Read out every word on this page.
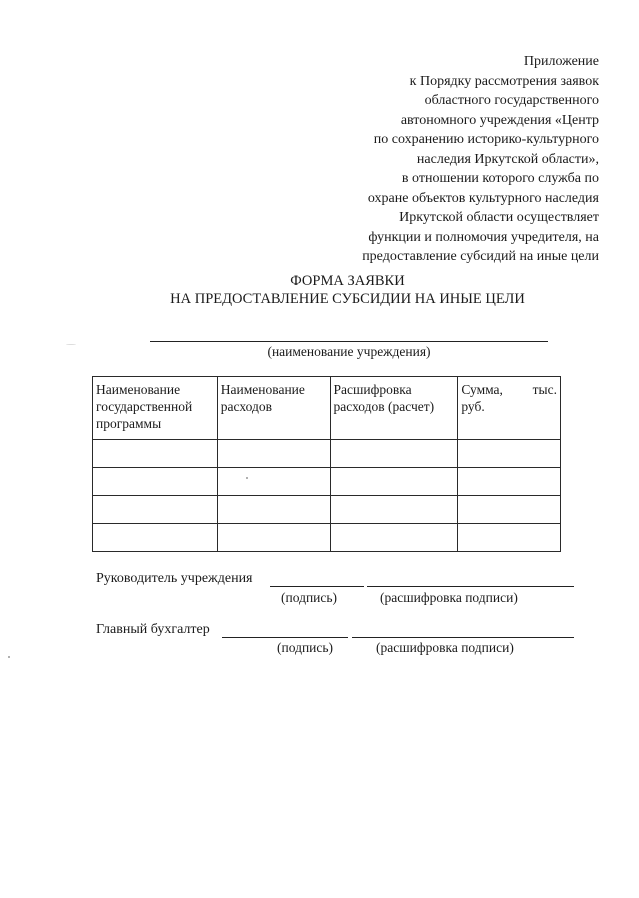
Приложение
к Порядку рассмотрения заявок
областного государственного
автономного учреждения «Центр
по сохранению историко-культурного
наследия Иркутской области»,
в отношении которого служба по
охране объектов культурного наследия
Иркутской области осуществляет
функции и полномочия учредителя, на
предоставление субсидий на иные цели
ФОРМА ЗАЯВКИ
НА ПРЕДОСТАВЛЕНИЕ СУБСИДИИ НА ИНЫЕ ЦЕЛИ
(наименование учреждения)
Наименование государственной программы	Наименование расходов	Расшифровка расходов (расчет)	Сумма, тыс.
руб.

Руководитель учреждения
(подпись)	(расшифровка подписи)
Главный бухгалтер
(подпись)	(расшифровка подписи)
